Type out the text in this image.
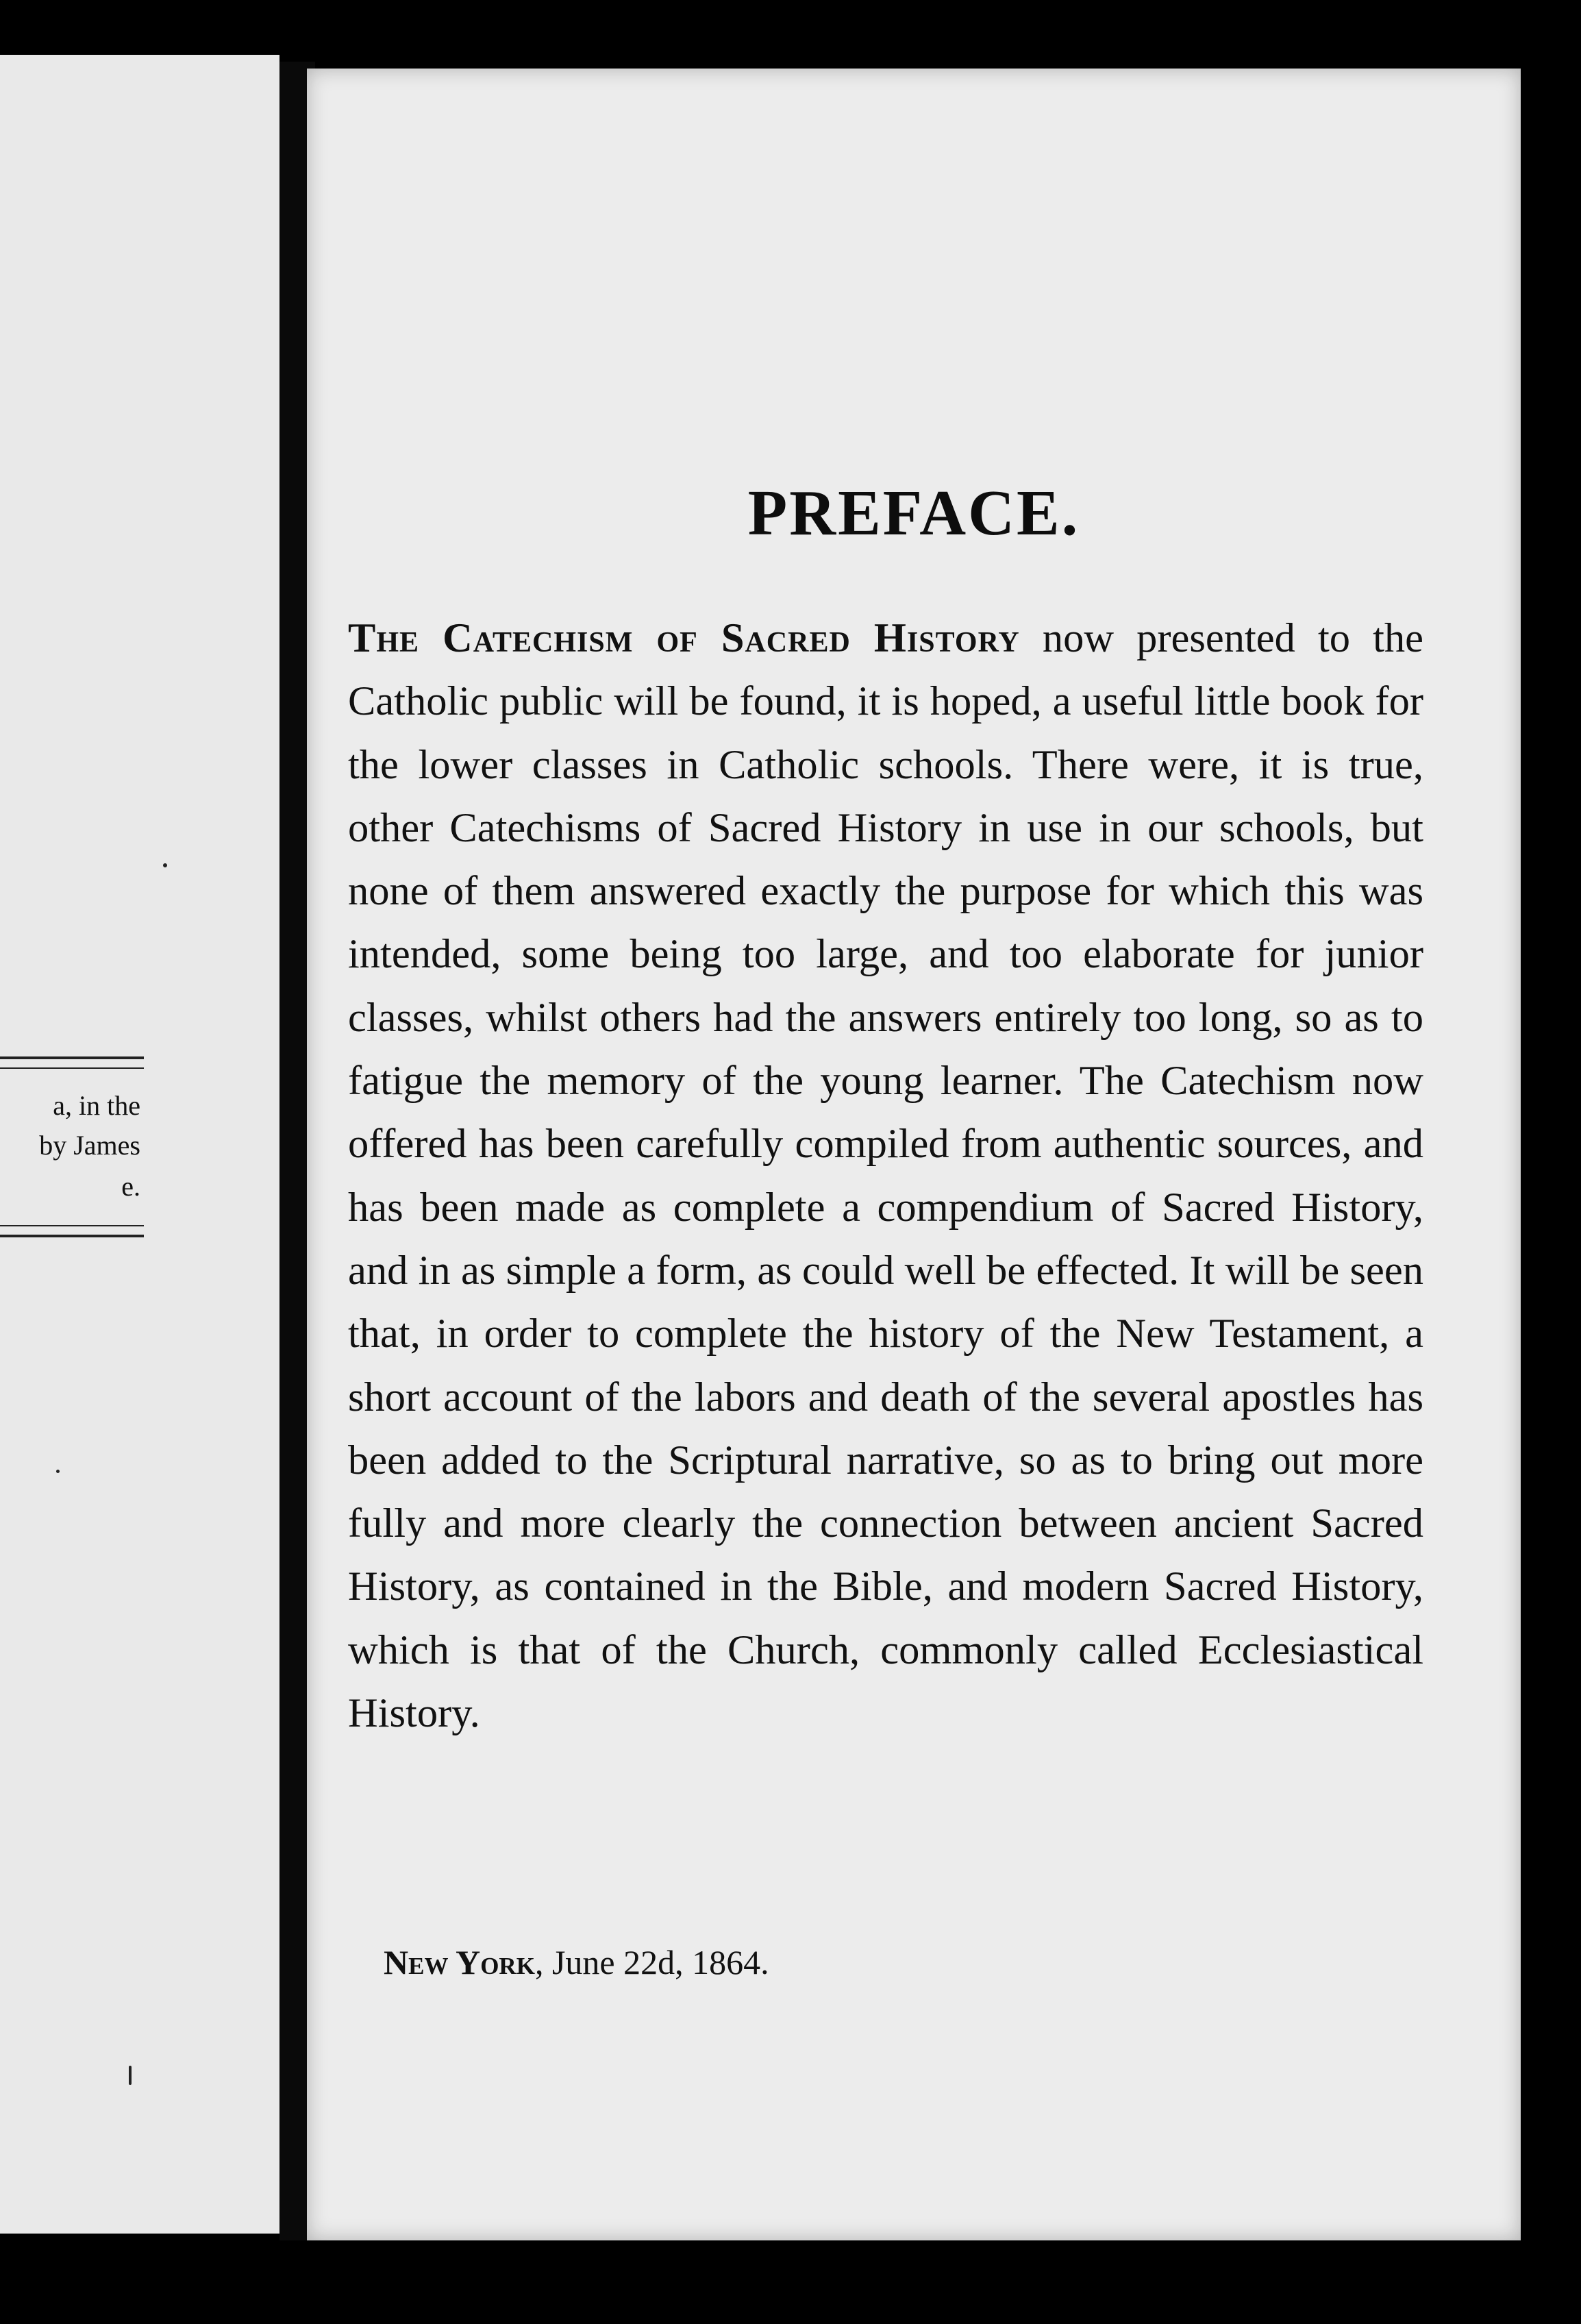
a, in the
by James
e.
PREFACE.

The Catechism of Sacred History now presented to the Catholic public will be found, it is hoped, a useful little book for the lower classes in Catholic schools. There were, it is true, other Catechisms of Sacred History in use in our schools, but none of them answered exactly the purpose for which this was intended, some being too large, and too elaborate for junior classes, whilst others had the answers entirely too long, so as to fatigue the memory of the young learner. The Catechism now offered has been carefully compiled from authentic sources, and has been made as complete a compendium of Sacred History, and in as simple a form, as could well be effected. It will be seen that, in order to complete the history of the New Testament, a short account of the labors and death of the several apostles has been added to the Scriptural narrative, so as to bring out more fully and more clearly the connection between ancient Sacred History, as contained in the Bible, and modern Sacred History, which is that of the Church, commonly called Ecclesiastical History.

New York, June 22d, 1864.
